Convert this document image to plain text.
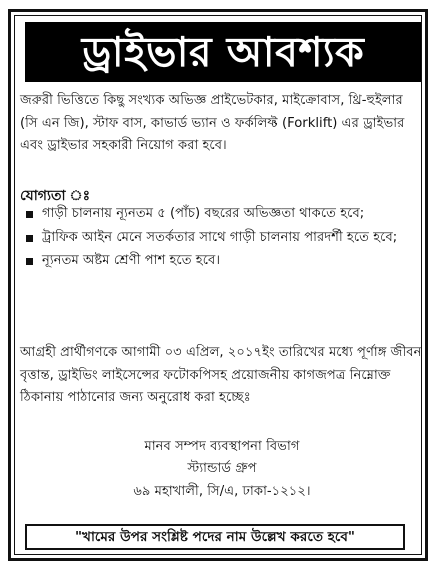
ড্রাইভার আবশ্যক
জরুরী ভিত্তিতে কিছু সংখ্যক অভিজ্ঞ প্রাইভেটকার, মাইক্রোবাস, থ্রি-হুইলার (সি এন জি), স্টাফ বাস, কাভার্ড ভ্যান ও ফর্কলিফ্ট (Forklift) এর ড্রাইভার এবং ড্রাইভার সহকারী নিয়োগ করা হবে।
যোগ্যতা ঃ
গাড়ী চালনায় ন্যূনতম ৫ (পাঁচ) বছরের অভিজ্ঞতা থাকতে হবে;
ট্রাফিক আইন মেনে সতর্কতার সাথে গাড়ী চালনায় পারদর্শী হতে হবে;
ন্যূনতম অষ্টম শ্রেণী পাশ হতে হবে।
আগ্রহী প্রার্থীগণকে আগামী ০৩ এপ্রিল, ২০১৭ইং তারিখের মধ্যে পূর্ণাঙ্গ জীবন বৃত্তান্ত, ড্রাইভিং লাইসেন্সের ফটোকপিসহ প্রয়োজনীয় কাগজপত্র নিম্নোক্ত ঠিকানায় পাঠানোর জন্য অনুরোধ করা হচ্ছেঃ
মানব সম্পদ ব্যবস্থাপনা বিভাগ
স্ট্যান্ডার্ড গ্রুপ
৬৯ মহাখালী, সি/এ, ঢাকা-১২১২।
"খামের উপর সংশ্লিষ্ট পদের নাম উল্লেখ করতে হবে"
